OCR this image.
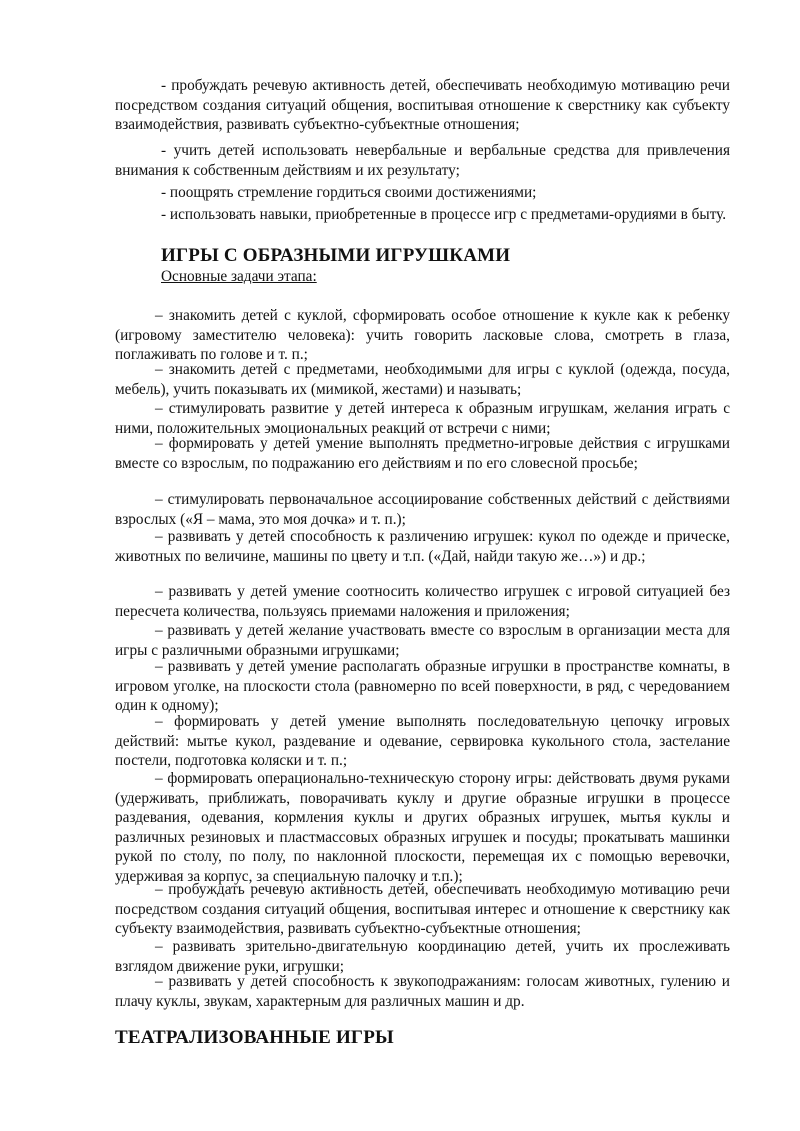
- пробуждать речевую активность детей, обеспечивать необходимую мотивацию речи посредством создания ситуаций общения, воспитывая отношение к сверстнику как субъекту взаимодействия, развивать субъектно-субъектные отношения;
- учить детей использовать невербальные и вербальные средства для привлечения внимания к собственным действиям и их результату;
- поощрять стремление гордиться своими достижениями;
- использовать навыки, приобретенные в процессе игр с предметами-орудиями в быту.
ИГРЫ С ОБРАЗНЫМИ ИГРУШКАМИ
Основные задачи этапа:
– знакомить детей с куклой, сформировать особое отношение к кукле как к ребенку (игровому заместителю человека): учить говорить ласковые слова, смотреть в глаза, поглаживать по голове и т. п.;
– знакомить детей с предметами, необходимыми для игры с куклой (одежда, посуда, мебель), учить показывать их (мимикой, жестами) и называть;
– стимулировать развитие у детей интереса к образным игрушкам, желания играть с ними, положительных эмоциональных реакций от встречи с ними;
– формировать у детей умение выполнять предметно-игровые действия с игрушками вместе со взрослым, по подражанию его действиям и по его словесной просьбе;
– стимулировать первоначальное ассоциирование собственных действий с действиями взрослых («Я – мама, это моя дочка» и т. п.);
– развивать у детей способность к различению игрушек: кукол по одежде и прическе, животных по величине, машины по цвету и т.п. («Дай, найди такую же…») и др.;
– развивать у детей умение соотносить количество игрушек с игровой ситуацией без пересчета количества, пользуясь приемами наложения и приложения;
– развивать у детей желание участвовать вместе со взрослым в организации места для игры с различными образными игрушками;
– развивать у детей умение располагать образные игрушки в пространстве комнаты, в игровом уголке, на плоскости стола (равномерно по всей поверхности, в ряд, с чередованием один к одному);
– формировать у детей умение выполнять последовательную цепочку игровых действий: мытье кукол, раздевание и одевание, сервировка кукольного стола, застелание постели, подготовка коляски и т. п.;
– формировать операционально-техническую сторону игры: действовать двумя руками (удерживать, приближать, поворачивать куклу и другие образные игрушки в процессе раздевания, одевания, кормления куклы и других образных игрушек, мытья куклы и различных резиновых и пластмассовых образных игрушек и посуды; прокатывать машинки рукой по столу, по полу, по наклонной плоскости, перемещая их с помощью веревочки, удерживая за корпус, за специальную палочку и т.п.);
– пробуждать речевую активность детей, обеспечивать необходимую мотивацию речи посредством создания ситуаций общения, воспитывая интерес и отношение к сверстнику как субъекту взаимодействия, развивать субъектно-субъектные отношения;
– развивать зрительно-двигательную координацию детей, учить их прослеживать взглядом движение руки, игрушки;
– развивать у детей способность к звукоподражаниям: голосам животных, гулению и плачу куклы, звукам, характерным для различных машин и др.
ТЕАТРАЛИЗОВАННЫЕ ИГРЫ
